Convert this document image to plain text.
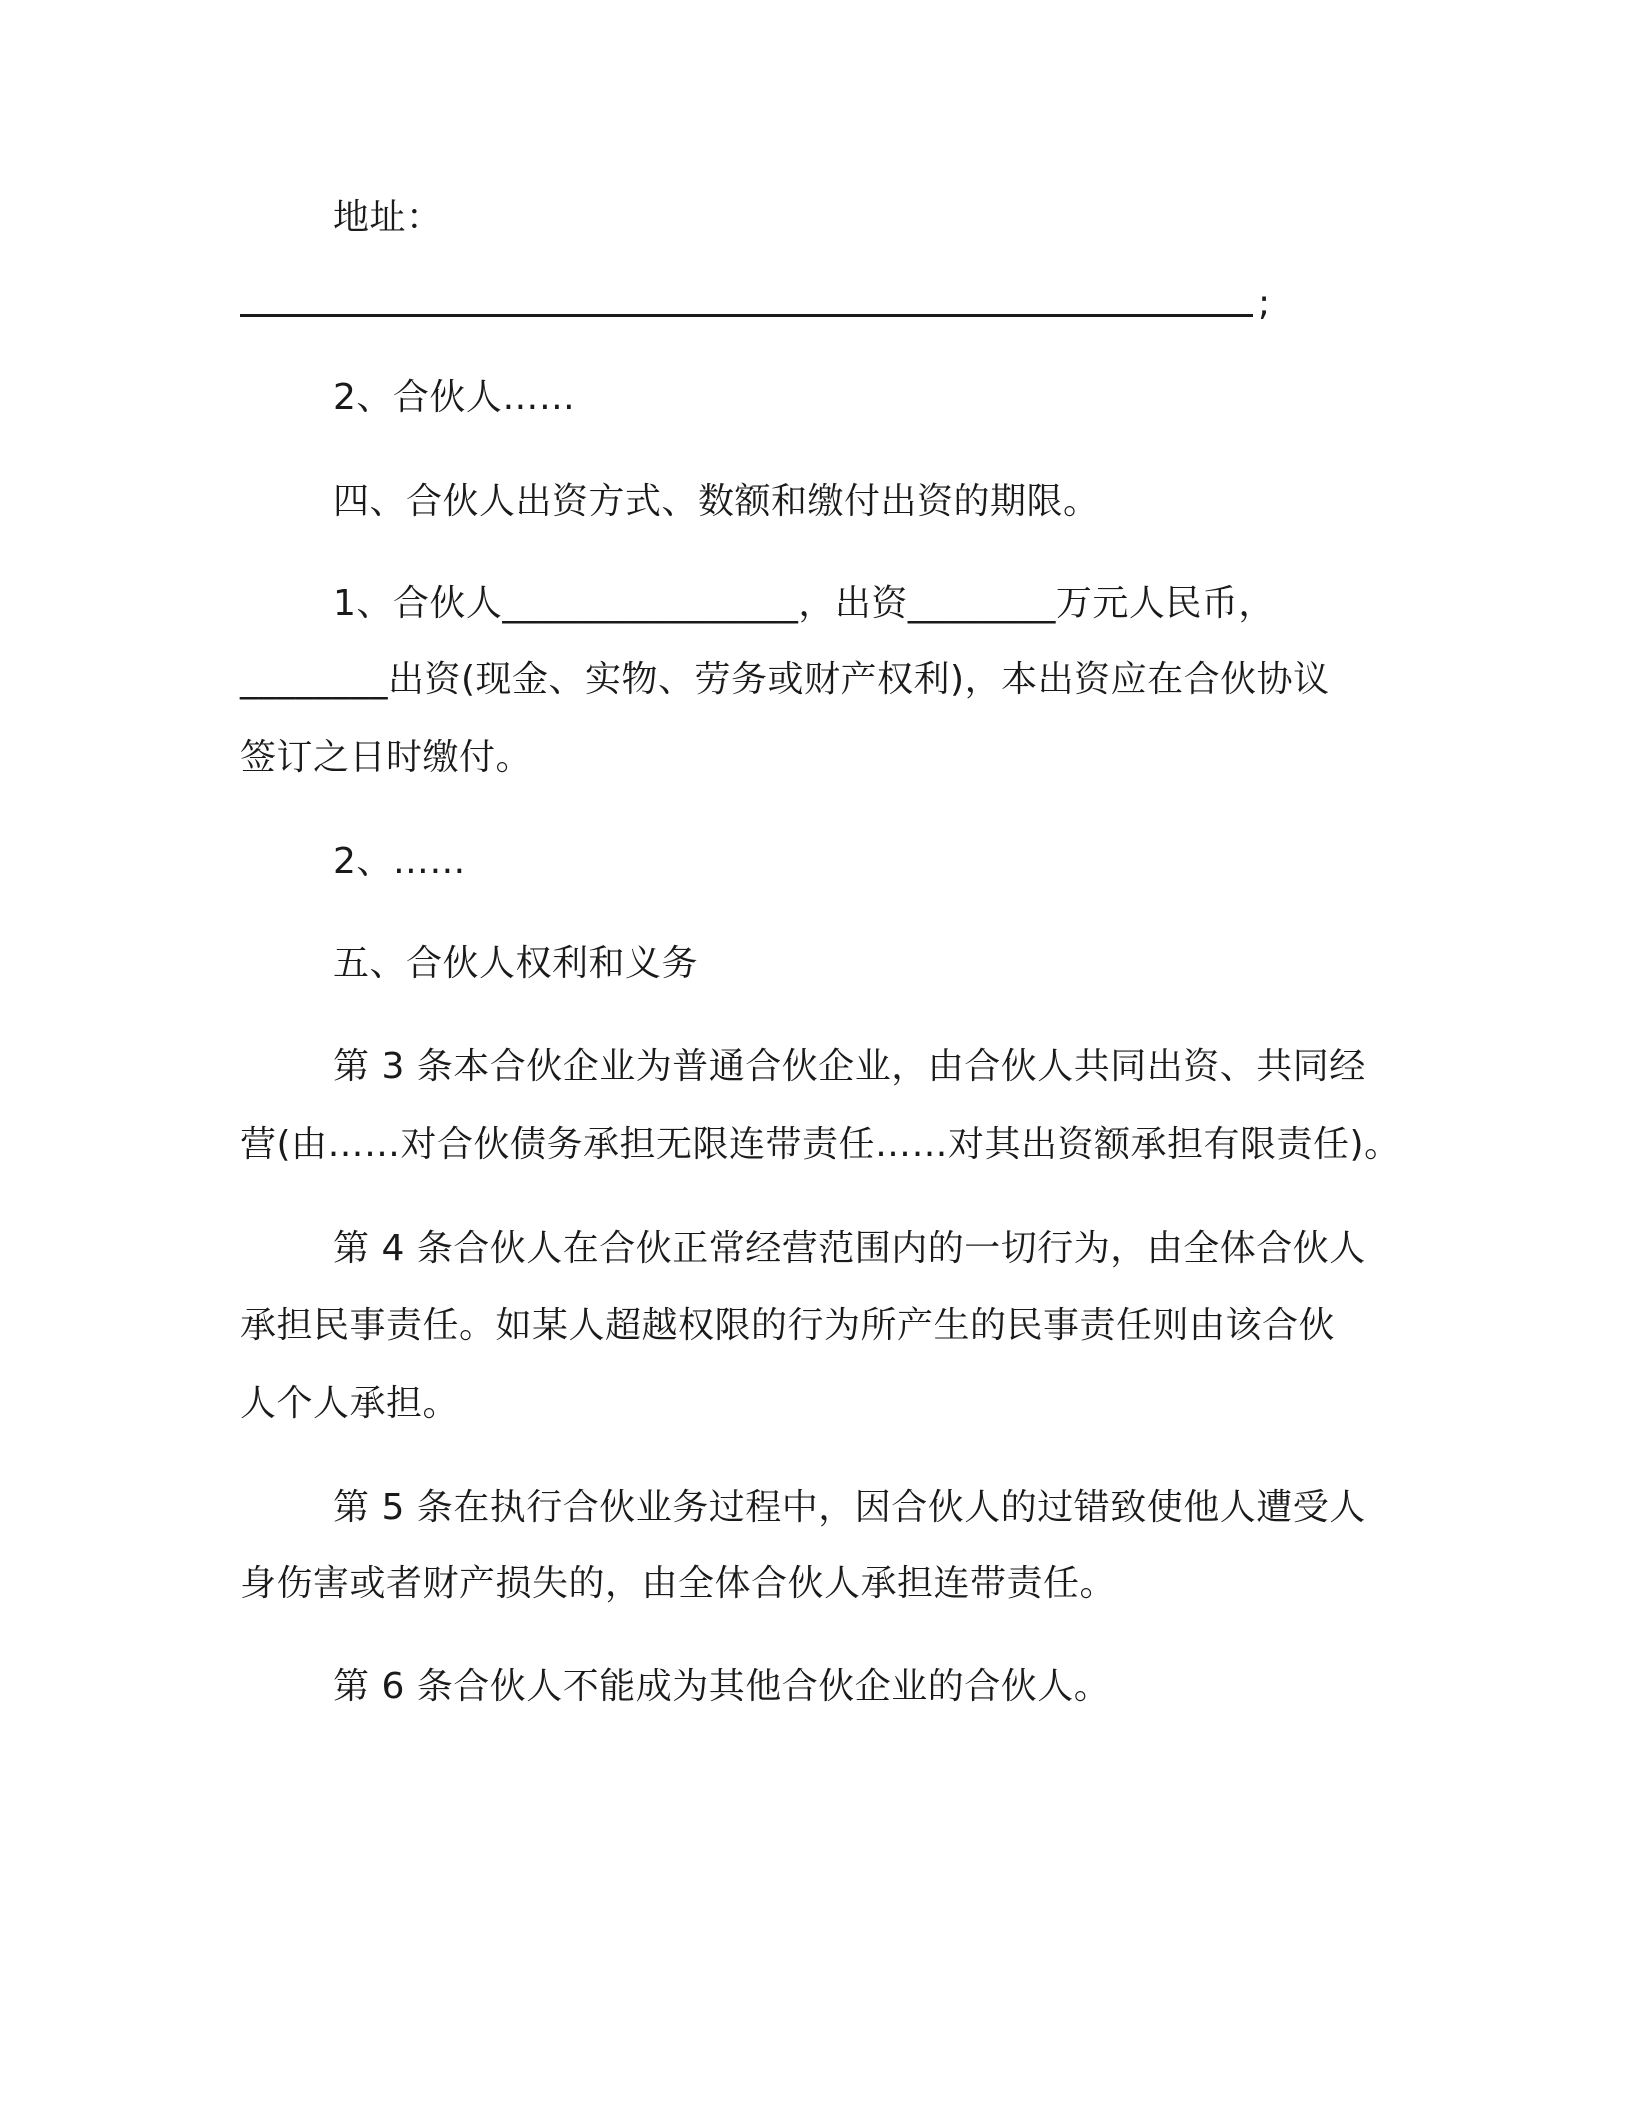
地址：
;
2、合伙人……
四、合伙人出资方式、数额和缴付出资的期限。
1、合伙人________________，出资________万元人民币，
________出资(现金、实物、劳务或财产权利)，本出资应在合伙协议
签订之日时缴付。
2、……
五、合伙人权利和义务
第 3 条本合伙企业为普通合伙企业，由合伙人共同出资、共同经
营(由……对合伙债务承担无限连带责任……对其出资额承担有限责任)。
第 4 条合伙人在合伙正常经营范围内的一切行为，由全体合伙人
承担民事责任。如某人超越权限的行为所产生的民事责任则由该合伙
人个人承担。
第 5 条在执行合伙业务过程中，因合伙人的过错致使他人遭受人
身伤害或者财产损失的，由全体合伙人承担连带责任。
第 6 条合伙人不能成为其他合伙企业的合伙人。
